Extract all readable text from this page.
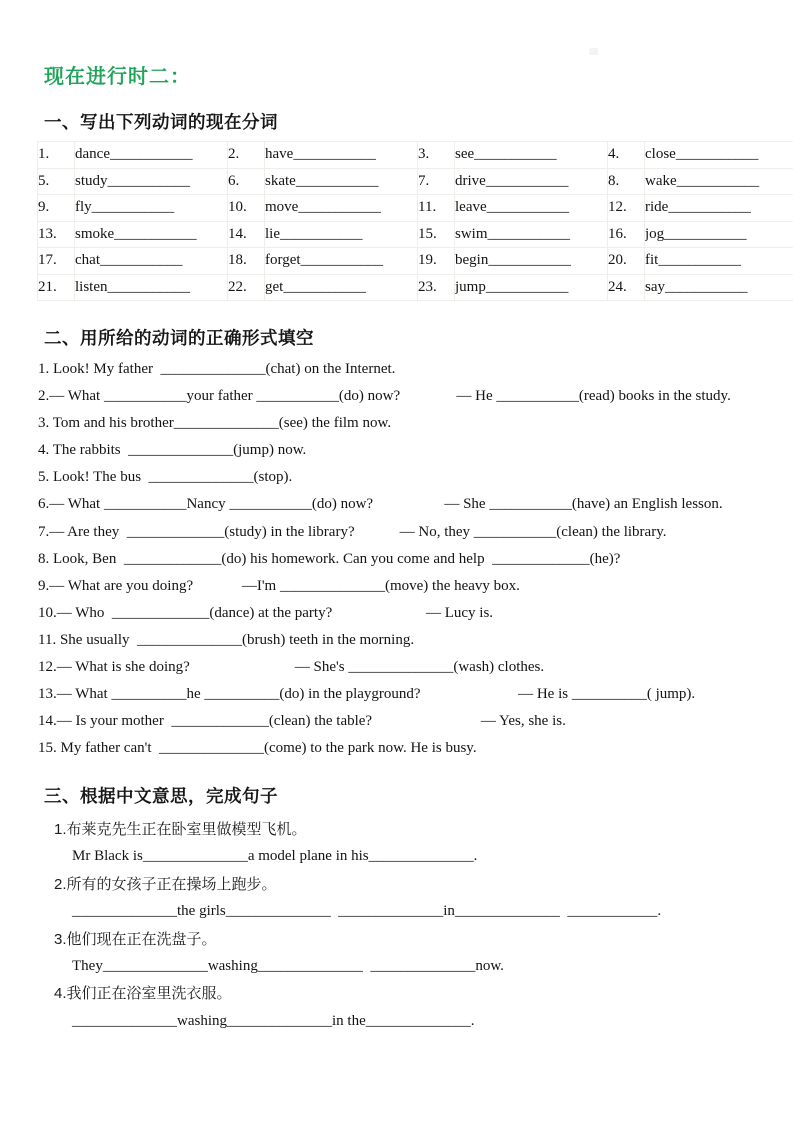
现在进行时二：
一、写出下列动词的现在分词
1.	dance___________	2.	have___________	3.	see___________	4.	close___________
5.	study___________	6.	skate___________	7.	drive___________	8.	wake___________
9.	fly___________	10.	move___________	11.	leave___________	12.	ride___________
13.	smoke___________	14.	lie___________	15.	swim___________	16.	jog___________
17.	chat___________	18.	forget___________	19.	begin___________	20.	fit___________
21.	listen___________	22.	get___________	23.	jump___________	24.	say___________
二、用所给的动词的正确形式填空
1. Look! My father  ______________(chat) on the Internet.
2.— What ___________your father ___________(do) now?               — He ___________(read) books in the study.
3. Tom and his brother______________(see) the film now.
4. The rabbits  ______________(jump) now.
5. Look! The bus  ______________(stop).
6.— What ___________Nancy ___________(do) now?                   — She ___________(have) an English lesson.
7.— Are they  _____________(study) in the library?            — No, they ___________(clean) the library.
8. Look, Ben  _____________(do) his homework. Can you come and help  _____________(he)?
9.— What are you doing?             —I'm ______________(move) the heavy box.
10.— Who  _____________(dance) at the party?                         — Lucy is.
11. She usually  ______________(brush) teeth in the morning.
12.— What is she doing?                            — She's ______________(wash) clothes.
13.— What __________he __________(do) in the playground?                          — He is __________( jump).
14.— Is your mother  _____________(clean) the table?                             — Yes, she is.
15. My father can't  ______________(come) to the park now. He is busy.
三、根据中文意思，完成句子
1.布莱克先生正在卧室里做模型飞机。
Mr Black is______________a model plane in his______________.
2.所有的女孩子正在操场上跑步。
______________the girls______________  ______________in______________  ____________.
3.他们现在正在洗盘子。
They______________washing______________  ______________now.
4.我们正在浴室里洗衣服。
______________washing______________in the______________.
